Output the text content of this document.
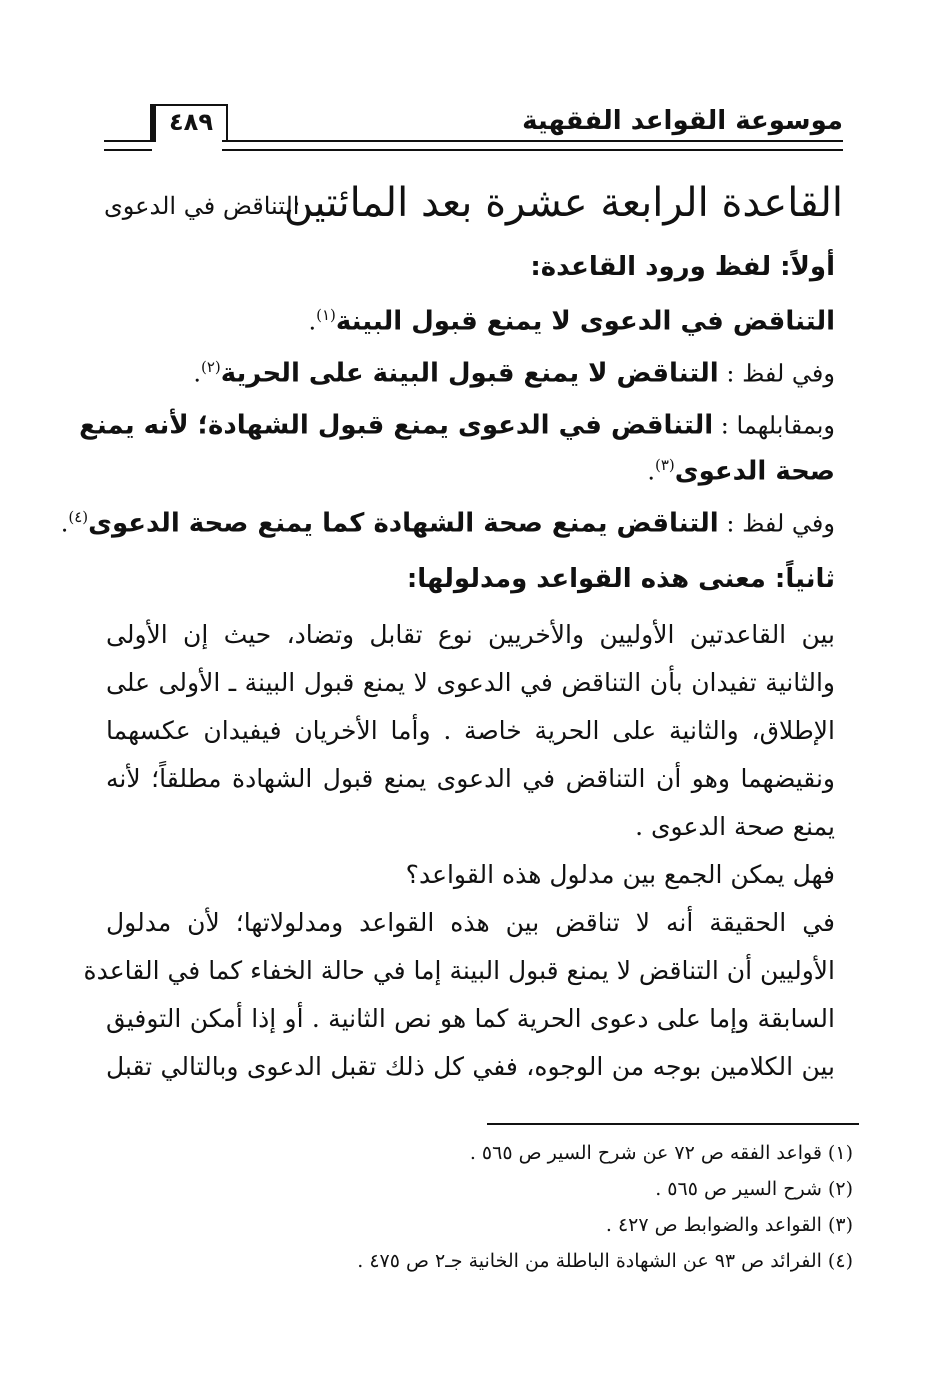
موسوعة القواعد الفقهية
٤٨٩
القاعدة الرابعة عشرة بعد المائتين
التناقض في الدعوى
أولاً: لفظ ورود القاعدة:
التناقض في الدعوى لا يمنع قبول البينة$^{(١)}$.
وفي لفظ : التناقض لا يمنع قبول البينة على الحرية$^{(٢)}$.
وبمقابلهما : التناقض في الدعوى يمنع قبول الشهادة؛ لأنه يمنع
صحة الدعوى$^{(٣)}$.
وفي لفظ : التناقض يمنع صحة الشهادة كما يمنع صحة الدعوى$^{(٤)}$.
ثانياً: معنى هذه القواعد ومدلولها:
بين القاعدتين الأوليين والأخريين نوع تقابل وتضاد، حيث إن الأولى
والثانية تفيدان بأن التناقض في الدعوى لا يمنع قبول البينة ـ الأولى على
الإطلاق، والثانية على الحرية خاصة . وأما الأخريان فيفيدان عكسهما
ونقيضهما وهو أن التناقض في الدعوى يمنع قبول الشهادة مطلقاً؛ لأنه
يمنع صحة الدعوى .
فهل يمكن الجمع بين مدلول هذه القواعد؟
في الحقيقة أنه لا تناقض بين هذه القواعد ومدلولاتها؛ لأن مدلول
الأوليين أن التناقض لا يمنع قبول البينة إما في حالة الخفاء كما في القاعدة
السابقة وإما على دعوى الحرية كما هو نص الثانية . أو إذا أمكن التوفيق
بين الكلامين بوجه من الوجوه، ففي كل ذلك تقبل الدعوى وبالتالي تقبل
(١) قواعد الفقه ص ٧٢ عن شرح السير ص ٥٦٥ .
(٢) شرح السير ص ٥٦٥ .
(٣) القواعد والضوابط ص ٤٢٧ .
(٤) الفرائد ص ٩٣ عن الشهادة الباطلة من الخانية جـ٢ ص ٤٧٥ .
